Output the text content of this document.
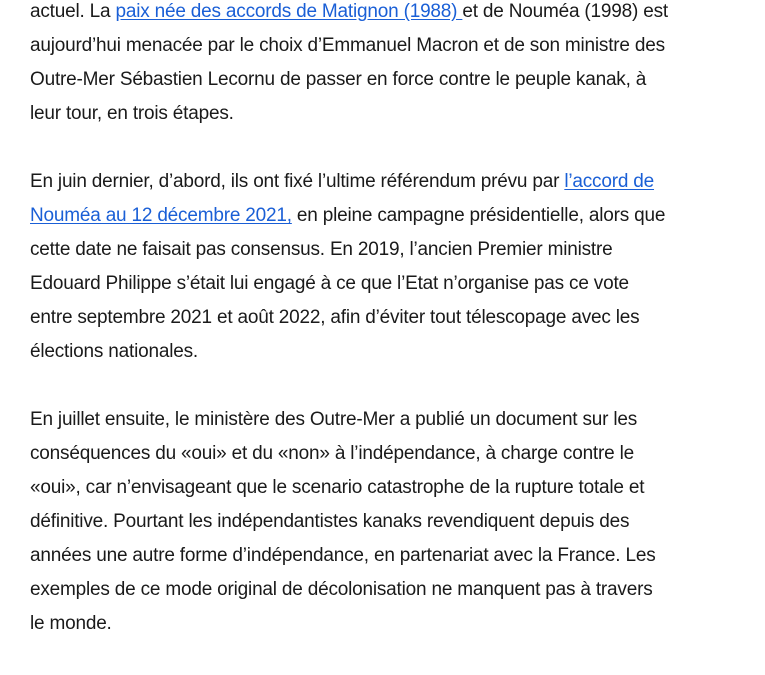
actuel. La paix née des accords de Matignon (1988) et de Nouméa (1998) est aujourd’hui menacée par le choix d’Emmanuel Macron et de son ministre des Outre-Mer Sébastien Lecornu de passer en force contre le peuple kanak, à leur tour, en trois étapes.

En juin dernier, d’abord, ils ont fixé l’ultime référendum prévu par l’accord de Nouméa au 12 décembre 2021, en pleine campagne présidentielle, alors que cette date ne faisait pas consensus. En 2019, l’ancien Premier ministre Edouard Philippe s’était lui engagé à ce que l’Etat n’organise pas ce vote entre septembre 2021 et août 2022, afin d’éviter tout télescopage avec les élections nationales.

En juillet ensuite, le ministère des Outre-Mer a publié un document sur les conséquences du «oui» et du «non» à l’indépendance, à charge contre le «oui», car n’envisageant que le scenario catastrophe de la rupture totale et définitive. Pourtant les indépendantistes kanaks revendiquent depuis des années une autre forme d’indépendance, en partenariat avec la France. Les exemples de ce mode original de décolonisation ne manquent pas à travers le monde.
